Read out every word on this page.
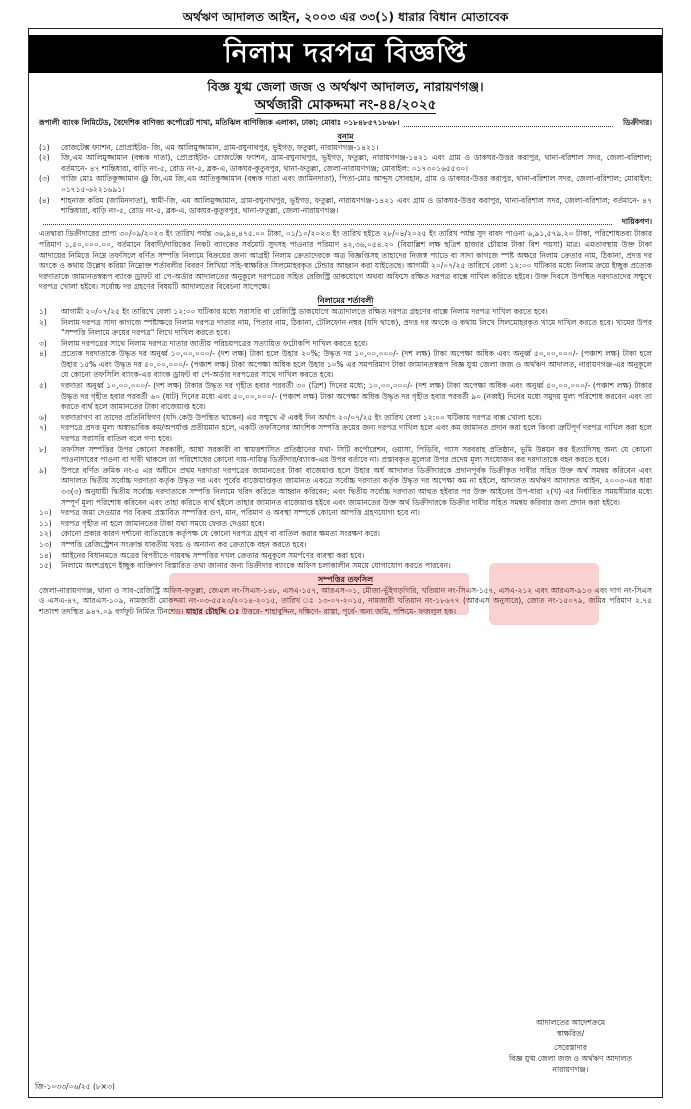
অর্থঋণ আদালত আইন, ২০০৩ এর ৩৩(১) ধারার বিধান মোতাবেক
নিলাম দরপত্র বিজ্ঞপ্তি
বিজ্ঞ যুগ্ম জেলা জজ ও অর্থঋণ আদালত, নারায়ণগঞ্জ।
অর্থজারী মোকদ্দমা নং-৪৪/২০২৫
রূপালী ব্যাংক লিমিটেড, বৈদেশিক বাণিজ্য কর্পোরেট শাখা, মতিঝিল বাণিজ্যিক এলাকা, ঢাকা; মোবাঃ ০১৮৪৮৫৭১৮৬৮।	ডিক্রীদার।
বনাম
(১)	রোজটেক্স ফ্যাশন, প্রোপ্রাইটর- জি, এম আলিমুজ্জামান, গ্রাম-রঘুনাথপুর, ভূইগড়, ফতুল্লা, নারায়ণগঞ্জ-১৪২১।
(২)	জি,এম আলিমুজ্জামান (বন্ধক দাতা), প্রোপ্রাইটর- রোজটেক্স ফ্যাশন, গ্রাম-রঘুনাথপুর, ভূইগড়, ফতুল্লা, নারায়ণগঞ্জ-১৪২১ এবং গ্রাম ও ডাকঘর-উত্তর করাপুর, থানা-বরিশাল সদর, জেলা-বরিশাল; বর্তমানে- ৪৭ শান্তিধারা, বাড়ি নং-৫, রোড নং-৫, ব্লক-এ, ডাকঘর-কুতুবপুর, থানা-ফতুল্লা, জেলা-নারায়ণগঞ্জ; মোবাইল: ০১৭৩০১৬৫৫৩০।
(৩)	গাজি মোঃ আতিকুজ্জামান @ জি,এম জি,এম আতিকুজ্জামান (বন্ধক দাতা এবং জামিনদাতা), পিতা-মোঃ আব্দুস সোবহান, গ্রাম ও ডাকঘর-উত্তর করাপুর, থানা-বরিশাল সদর, জেলা-বরিশাল; মোবাইল: ০১৭১৫-৬২২১৬৯১।
(৪)	শাহনাজ করিম (জামিনদাতা), স্বামী-জি, এম আলিমুজ্জামান, গ্রাম-রঘুনাথপুর, ভূইগড়, ফতুল্লা, নারায়ণগঞ্জ-১৪২১ এবং গ্রাম ও ডাকঘর-উত্তর করাপুর, থানা-বরিশাল সদর, জেলা-বরিশাল; বর্তমানে- ৪৭ শান্তিধারা, বাড়ি নং-৫, রোড নং-৫, ব্লক-এ, ডাকঘর-কুতুবপুর, থানা-ফতুল্লা, জেলা-নারায়ণগঞ্জ।
দায়িকগণ।
এতদ্বারা ডিক্রীদারের প্রাপ্য ৩০/০৯/২০২৩ ইং তারিখ পর্যন্ত ৩৬,৯৪,৪৭৫.০০ টাকা, ০১/১০/২০২৩ ইং তারিখ হইতে ২৮/০৪/২০২৫ ইং তারিখ পর্যন্ত সুদ বাবদ পাওনা ৬,৯১,৫৭৯.২০ টাকা, পরিশোধতব্য টাকার পরিমাণ ১,৫০,০০০.০০, বর্তমানে বিবাদী/দায়িকের নিকট ব্যাংকের সর্বমোট সুদসহ পাওনার পরিমাণ ৪২,৩৬,০৫৪.২০ (বিয়াল্লিশ লক্ষ ছত্রিশ হাজার চৌয়ান্ন টাকা বিশ পয়সা) মাত্র। এমতাবস্থায় উক্ত টাকা আদায়ের নিমিত্তে নিম্নে তফসিলে বর্ণিত সম্পত্তি নিলামে বিক্রয়ের জন্য আগ্রহী নিলাম ক্রেতাদেরকে অত্র বিজ্ঞপ্তিসহ তাহাদের নিজস্ব প্যাডে বা সাদা কাগজে স্পষ্ট অক্ষরে নিলাম ক্রেতার নাম, ঠিকানা, প্রদত্ত দর অংকে ও কথায় উল্লেখ করিয়া নিম্নোক্ত শর্তাবলীর বিবরণ লিখিয়া সহি-স্বাক্ষরিত সিলমোহরকৃত টেন্ডার আহ্বান করা যাইতেছে। আগামী ২০/০৭/২৫ তারিখে বেলা ১২:০০ ঘটিকার মধ্যে নিলাম ক্রয়ে ইচ্ছুক প্রত্যেক দরদাতাকে জামানতস্বরূপ ব্যাংক ড্রাফট বা পে-অর্ডার আদালতের অনুকূলে দরপত্রের সহিত রেজিস্ট্রি ডাকযোগে অথবা অফিসে রক্ষিত দরপত্র বাক্সে দাখিল করিতে হইবে। উক্ত দিবসে উপস্থিত দরদাতাদের সম্মুখে দরপত্র খোলা হইবে। সর্বোচ্চ দর গ্রহণের বিষয়টি আদালতের বিবেচনা সাপেক্ষে।
নিলামের শর্তাবলী
১)	আগামী ২০/০৭/২৫ ইং তারিখে বেলা ১২:০০ ঘটিকার মধ্যে সরাসরি বা রেজিস্ট্রি ডাকযোগে অত্রাদালতে রক্ষিত দরপত্র গ্রহণের বাক্সে নিলাম দরপত্র দাখিল করতে হবে।
২)	নিলাম দরপত্র সাদা কাগজে স্পষ্টাক্ষরে নিলাম দরপত্র দাতার নাম, পিতার নাম, ঠিকানা, টেলিফোন নম্বর (যদি থাকে), প্রদত্ত দর অংকে ও কথায় লিখে সিলমোহরকৃত খামে দাখিল করতে হবে। খামের উপর "সম্পত্তি নিলামে ক্রয়ের দরপত্র" লিখে দাখিল করতে হবে।
৩)	নিলাম দরপত্রের সাথে নিলাম দরপত্র দাতার জাতীয় পরিচয়পত্রের সত্যায়িত ফটোকপি দাখিল করতে হবে।
৪)	প্রত্যেক দরদাতাকে উদ্ধৃত দর অনুর্ধ্ব ১০,০০,০০০/- (দশ লক্ষ) টাকা হলে উহার ২০%; উদ্ধৃত দর ১০,০০,০০০/- (দশ লক্ষ) টাকা অপেক্ষা অধিক এবং অনুর্ধ্ব ৫০,০০,০০০/- (পঞ্চাশ লক্ষ) টাকা হলে উহার ১৫% এবং উদ্ধৃত দর ৫০,০০,০০০/- (পঞ্চাশ লক্ষ) টাকা অপেক্ষা অধিক হলে উহার ১০% এর সমপরিমাণ টাকা জামানতস্বরূপ বিজ্ঞ যুগ্ম জেলা জজ ও অর্থঋণ আদালত, নারায়ণগঞ্জ-এর অনুকূলে যে কোনো তফসিলি ব্যাংক-এর ব্যাংক ড্রাফট বা পে-অর্ডার দরপত্রের সাথে দাখিল করতে হবে।
৫)	দরদাতা অনুর্ধ্ব ১০,০০,০০০/- (দশ লক্ষ) টাকার উদ্ধৃত দর গৃহীত হবার পরবর্তী ৩০ (ত্রিশ) দিনের মধ্যে; ১০,০০,০০০/- (দশ লক্ষ) টাকা অপেক্ষা অধিক এবং অনুর্ধ্ব ৫০,০০,০০০/- (পঞ্চাশ লক্ষ) টাকার উদ্ধৃত দর গৃহীত হবার পরবর্তী ৬০ (ষাট) দিনের মধ্যে এবং ৫০,০০,০০০/- (পঞ্চাশ লক্ষ) টাকা অপেক্ষা অধিক উদ্ধৃত দর গৃহীত হবার পরবর্তী ৯০ (নব্বই) দিনের মধ্যে সমুদয় মূল্য পরিশোধ করবেন এবং তা করতে ব্যর্থ হলে জামানতের টাকা বাজেয়াপ্ত হবে।
৬)	দরদাতাগণ বা তাদের প্রতিনিধিগণ (যদি কেউ উপস্থিত থাকেন) এর সম্মুখে ঐ একই দিন অর্থাৎ ২০/০৭/২৫ ইং তারিখ বেলা ১২:০০ ঘটিকায় দরপত্র বাক্স খোলা হবে।
৭)	দরপত্রে প্রদত্ত মূল্য অস্বাভাবিক কম/অপর্যাপ্ত প্রতীয়মান হলে, একটি তফসিলের আংশিক সম্পত্তি ক্রয়ের জন্য দরপত্র দাখিল হলে এবং কম জামানত প্রদান করা হলে কিংবা ত্রুটিপূর্ণ দরপত্র দাখিল করা হলে দরপত্র সরাসরি বাতিল বলে গণ্য হবে।
৮)	তফসিল সম্পত্তির উপর কোনো সরকারী, আধা সরকারী বা স্বায়ত্তশাসিত প্রতিষ্ঠানের যথা- সিটি কর্পোরেশন, ওয়াসা, পিডিবি, গ্যাস সরবরাহ প্রতিষ্ঠান, ভূমি উন্নয়ন কর ইত্যাদিসহ অন্য যে কোনো পাওনাদারের পাওনা বা দাবী থাকলে তা পরিশোধের কোনো দায়-দায়িত্ব ডিক্রীদার/ব্যাংক-এর উপর বর্তাবে না। প্রস্তাবকৃত মূল্যের উপর প্রদেয় মূল্য সংযোজন কর দরদাতাকে বহন করতে হবে।
৯)	উপরে বর্ণিত ক্রমিক নং-৫ এর অধীনে প্রথম দরদাতা দরপত্রের জামানতের টাকা বাজেয়াপ্ত হলে উহার অর্ধ আদালত ডিক্রীদারকে প্রদানপূর্বক ডিক্রীকৃত দাবীর সহিত উক্ত অর্থ সমন্বয় করিবেন এবং আদালত দ্বিতীয় সর্বোচ্চ দরদাতা কর্তৃক উদ্ধৃত দর এবং পূর্বের বাজেয়াপ্তকৃত জামানত একত্রে সর্বোচ্চ দরদাতা কর্তৃক উদ্ধৃত দর অপেক্ষা কম না হইলে, আদালত অর্থঋণ আদালত আইন, ২০০৩-এর ধারা ৩৩(৩) অনুযায়ী দ্বিতীয় সর্বোচ্চ দরদাতাকে সম্পত্তি নিলামে খরিদ করিতে আহ্বান করিবেন; এবং দ্বিতীয় সর্বোচ্চ দরদাতা আহুত হইবার পর উক্ত আইনের উপ-ধারা ২(খ) এর নির্ধারিত সময়সীমার মধ্যে সম্পূর্ণ মূল্য পরিশোধ করিবেন এবং তাহা করিতে ব্যর্থ হইলে তাহার জামানত বাজেয়াপ্ত হইবে এবং জামানতের উক্ত অর্থ ডিক্রীদারকে ডিক্রীর দাবীর সহিত সমন্বয় করিবার জন্য প্রদান করা হইবে।
১০)	দরপত্র জমা দেওয়ার পর বিক্রয় প্রস্তাবিত সম্পত্তির গুণ, মান, পরিমাণ ও অবস্থা সম্পর্কে কোনো আপত্তি গ্রহণযোগ্য হবে না।
১১)	দরপত্র গৃহীত না হলে জামানতের টাকা যথা সময়ে ফেরত দেওয়া হবে।
১২)	কোনো প্রকার কারণ দর্শানো ব্যতিরেকে কর্তৃপক্ষ যে কোনো দরপত্র গ্রহণ বা বাতিল করার ক্ষমতা সংরক্ষণ করে।
১৩)	সম্পত্তি রেজিস্ট্রেশন সংক্রান্ত যাবতীয় খরচ ও অন্যান্য কর ক্রেতাকে বহন করতে হবে।
১৪)	আইনের বিধানমতে অত্রের বিপরীতে দায়বদ্ধ সম্পত্তির দখল ক্রেতার অনুকূলে সমর্পণের ব্যবস্থা করা হবে।
১৫)	নিলামে অংশগ্রহণে ইচ্ছুক ব্যক্তিগণ বিস্তারিত তথ্য জানার জন্য ডিক্রীদার ব্যাংকে অফিস চলাকালীন সময়ে যোগাযোগ করতে পারবেন।
সম্পত্তির তফসিল
জেলা-নারায়ণগঞ্জ, থানা ও সাব-রেজিস্ট্রি অফিস-ফতুল্লা, জেএল নং-সিএস-১৪৮, এসএ-১৫৭, আরএস-০১, মৌজা-ভূঁইগড়গিরি, খতিয়ান নং-সিএস-১৫৭, এসএ-২১২ এবং আরএস-৯১৩ এবং দাগ নং-সিএস ও এসএ-৪৭, আরএস-১০৯, নামজারী মোকদ্দমা নং-০৩-৫৫২৩/২০১৪-২০১৫, তারিখ ঃ ১৩-০৭-২০১৫, নামজারী খতিয়ান নং-১৮৬৭৭ (আরএস অনুসারে), জোত নং-১৫০৭৯, জমির পরিমাণ ২.৭৫ শতাংশ তদস্থিত ৯৪৭.০৯ বর্গফুট নির্মিত টিনশেড। যাহার চৌহদ্দি ঃ উত্তরে- শাহাবুদ্দিন, দক্ষিণে- রাস্তা, পূর্বে- অন্য জমি, পশ্চিমে- ফজলুল হক।
আদালতের আদেশক্রমে
স্বাক্ষরিত/
সেরেস্তাদার
বিজ্ঞ যুগ্ম জেলা জজ ও অর্থঋণ আদালত
নারায়ণগঞ্জ।
জি-১০৩৩/০৬/২৫ (৮×৩)
